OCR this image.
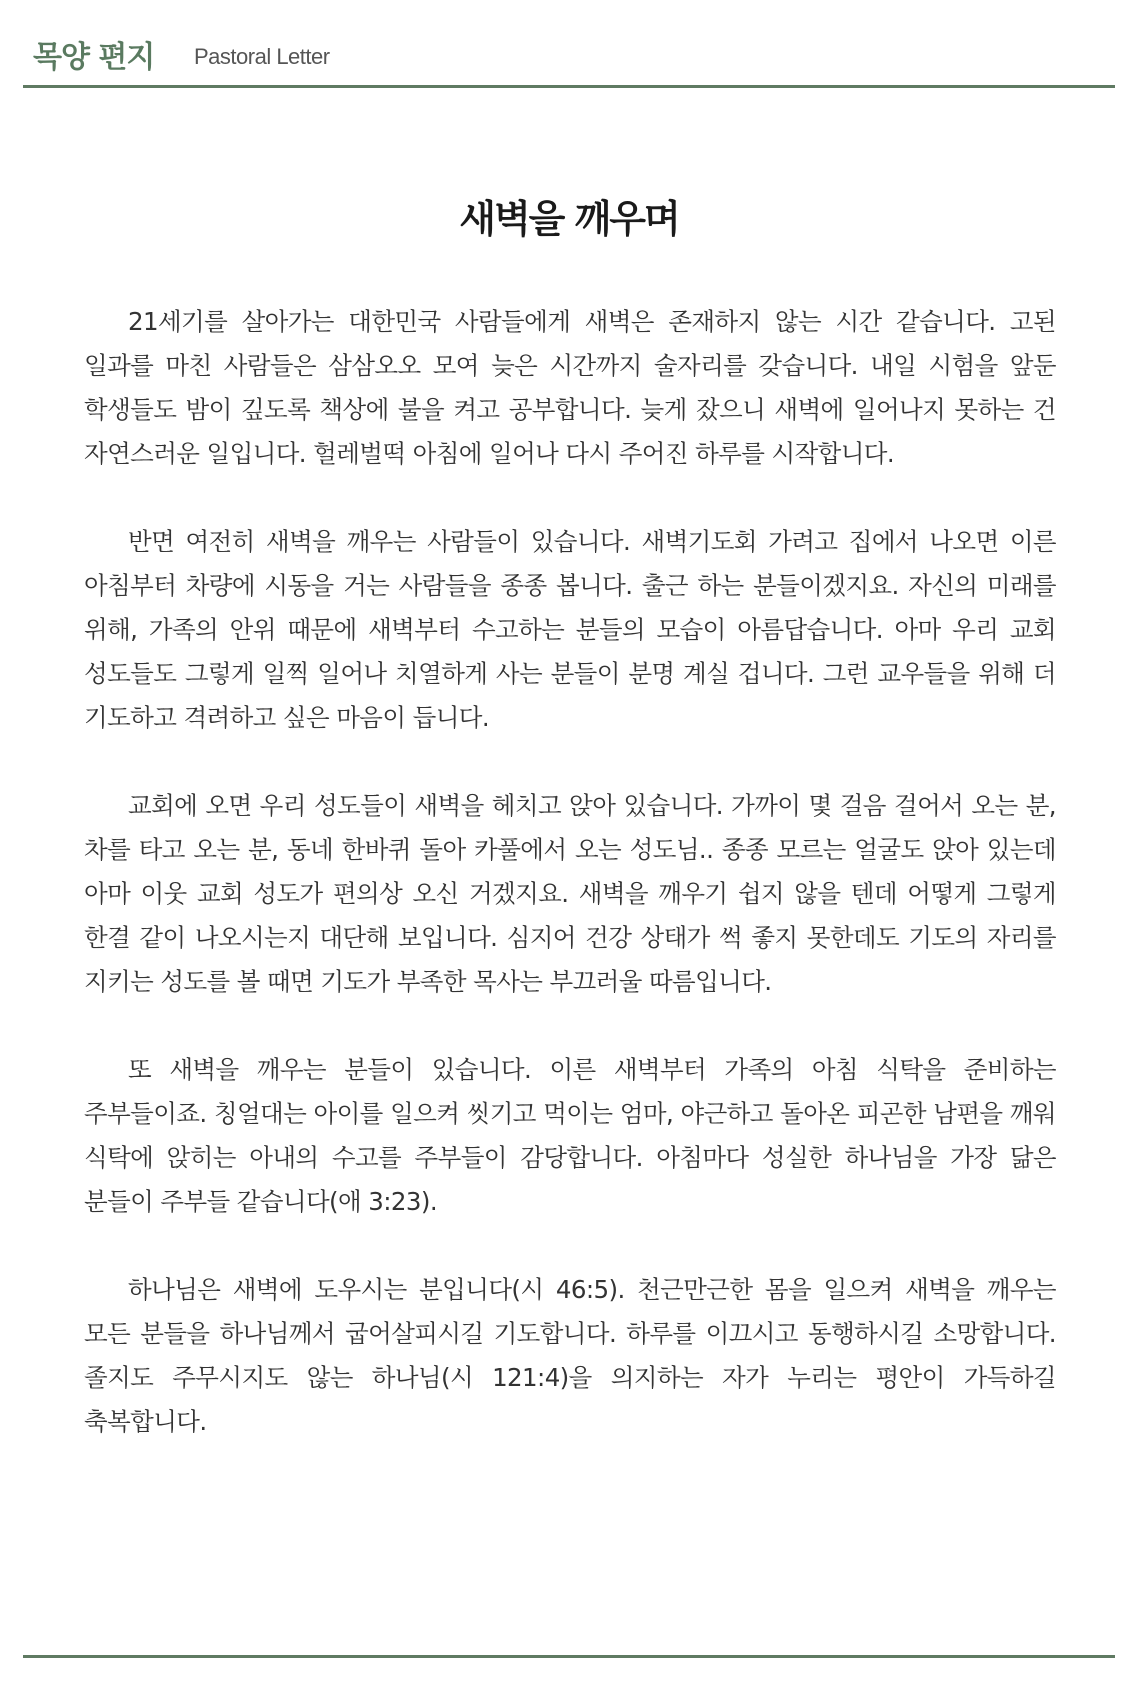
목양 편지 Pastoral Letter
새벽을 깨우며

21세기를 살아가는 대한민국 사람들에게 새벽은 존재하지 않는 시간 같습니다. 고된 일과를 마친 사람들은 삼삼오오 모여 늦은 시간까지 술자리를 갖습니다. 내일 시험을 앞둔 학생들도 밤이 깊도록 책상에 불을 켜고 공부합니다. 늦게 잤으니 새벽에 일어나지 못하는 건 자연스러운 일입니다. 헐레벌떡 아침에 일어나 다시 주어진 하루를 시작합니다.

반면 여전히 새벽을 깨우는 사람들이 있습니다. 새벽기도회 가려고 집에서 나오면 이른 아침부터 차량에 시동을 거는 사람들을 종종 봅니다. 출근 하는 분들이겠지요. 자신의 미래를 위해, 가족의 안위 때문에 새벽부터 수고하는 분들의 모습이 아름답습니다. 아마 우리 교회 성도들도 그렇게 일찍 일어나 치열하게 사는 분들이 분명 계실 겁니다. 그런 교우들을 위해 더 기도하고 격려하고 싶은 마음이 듭니다.

교회에 오면 우리 성도들이 새벽을 헤치고 앉아 있습니다. 가까이 몇 걸음 걸어서 오는 분, 차를 타고 오는 분, 동네 한바퀴 돌아 카풀에서 오는 성도님.. 종종 모르는 얼굴도 앉아 있는데 아마 이웃 교회 성도가 편의상 오신 거겠지요. 새벽을 깨우기 쉽지 않을 텐데 어떻게 그렇게 한결 같이 나오시는지 대단해 보입니다. 심지어 건강 상태가 썩 좋지 못한데도 기도의 자리를 지키는 성도를 볼 때면 기도가 부족한 목사는 부끄러울 따름입니다.

또 새벽을 깨우는 분들이 있습니다. 이른 새벽부터 가족의 아침 식탁을 준비하는 주부들이죠. 칭얼대는 아이를 일으켜 씻기고 먹이는 엄마, 야근하고 돌아온 피곤한 남편을 깨워 식탁에 앉히는 아내의 수고를 주부들이 감당합니다. 아침마다 성실한 하나님을 가장 닮은 분들이 주부들 같습니다(애 3:23).

하나님은 새벽에 도우시는 분입니다(시 46:5). 천근만근한 몸을 일으켜 새벽을 깨우는 모든 분들을 하나님께서 굽어살피시길 기도합니다. 하루를 이끄시고 동행하시길 소망합니다. 졸지도 주무시지도 않는 하나님(시 121:4)을 의지하는 자가 누리는 평안이 가득하길 축복합니다.
